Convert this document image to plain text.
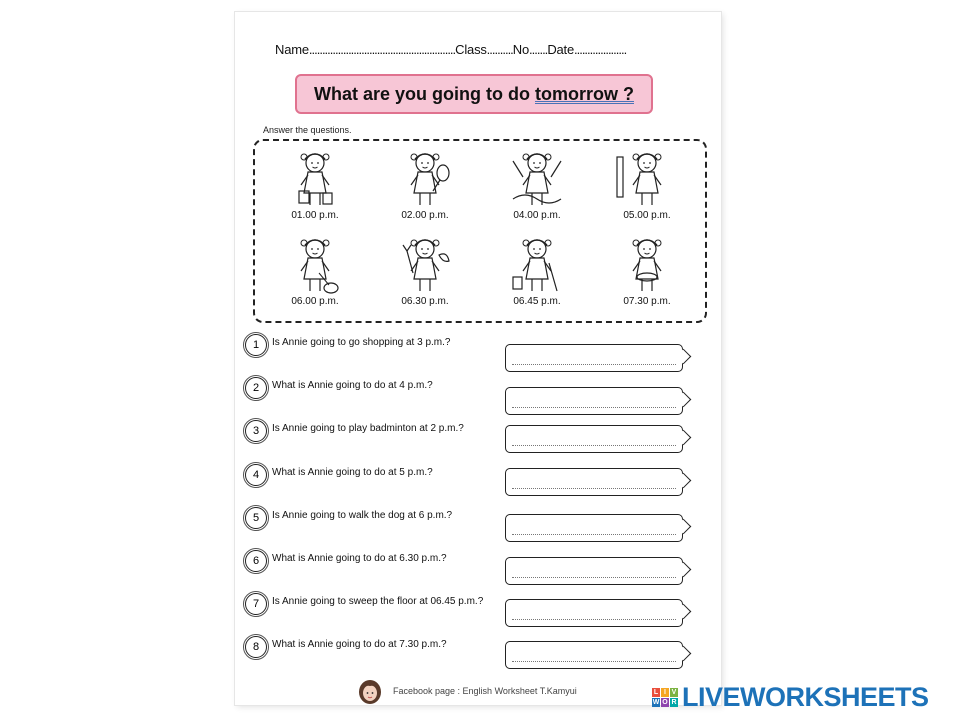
Name........................................................Class..........No.......Date....................
What are you going to do tomorrow ?
Answer the questions.
01.00 p.m.	02.00 p.m.	04.00 p.m.	05.00 p.m.
06.00 p.m.	06.30 p.m.	06.45 p.m.	07.30 p.m.
1 Is Annie going to go shopping at 3 p.m.?
2 What is Annie going to do at 4 p.m.?
3 Is Annie going to play badminton at 2 p.m.?
4 What is Annie going to do at 5 p.m.?
5 Is Annie going to walk the dog at 6 p.m.?
6 What is Annie going to do at 6.30 p.m.?
7 Is Annie going to sweep the floor at 06.45 p.m.?
8 What is Annie going to do at 7.30 p.m.?
Facebook page : English Worksheet T.Kamyui	L I V
W O R LIVEWORKSHEETS
